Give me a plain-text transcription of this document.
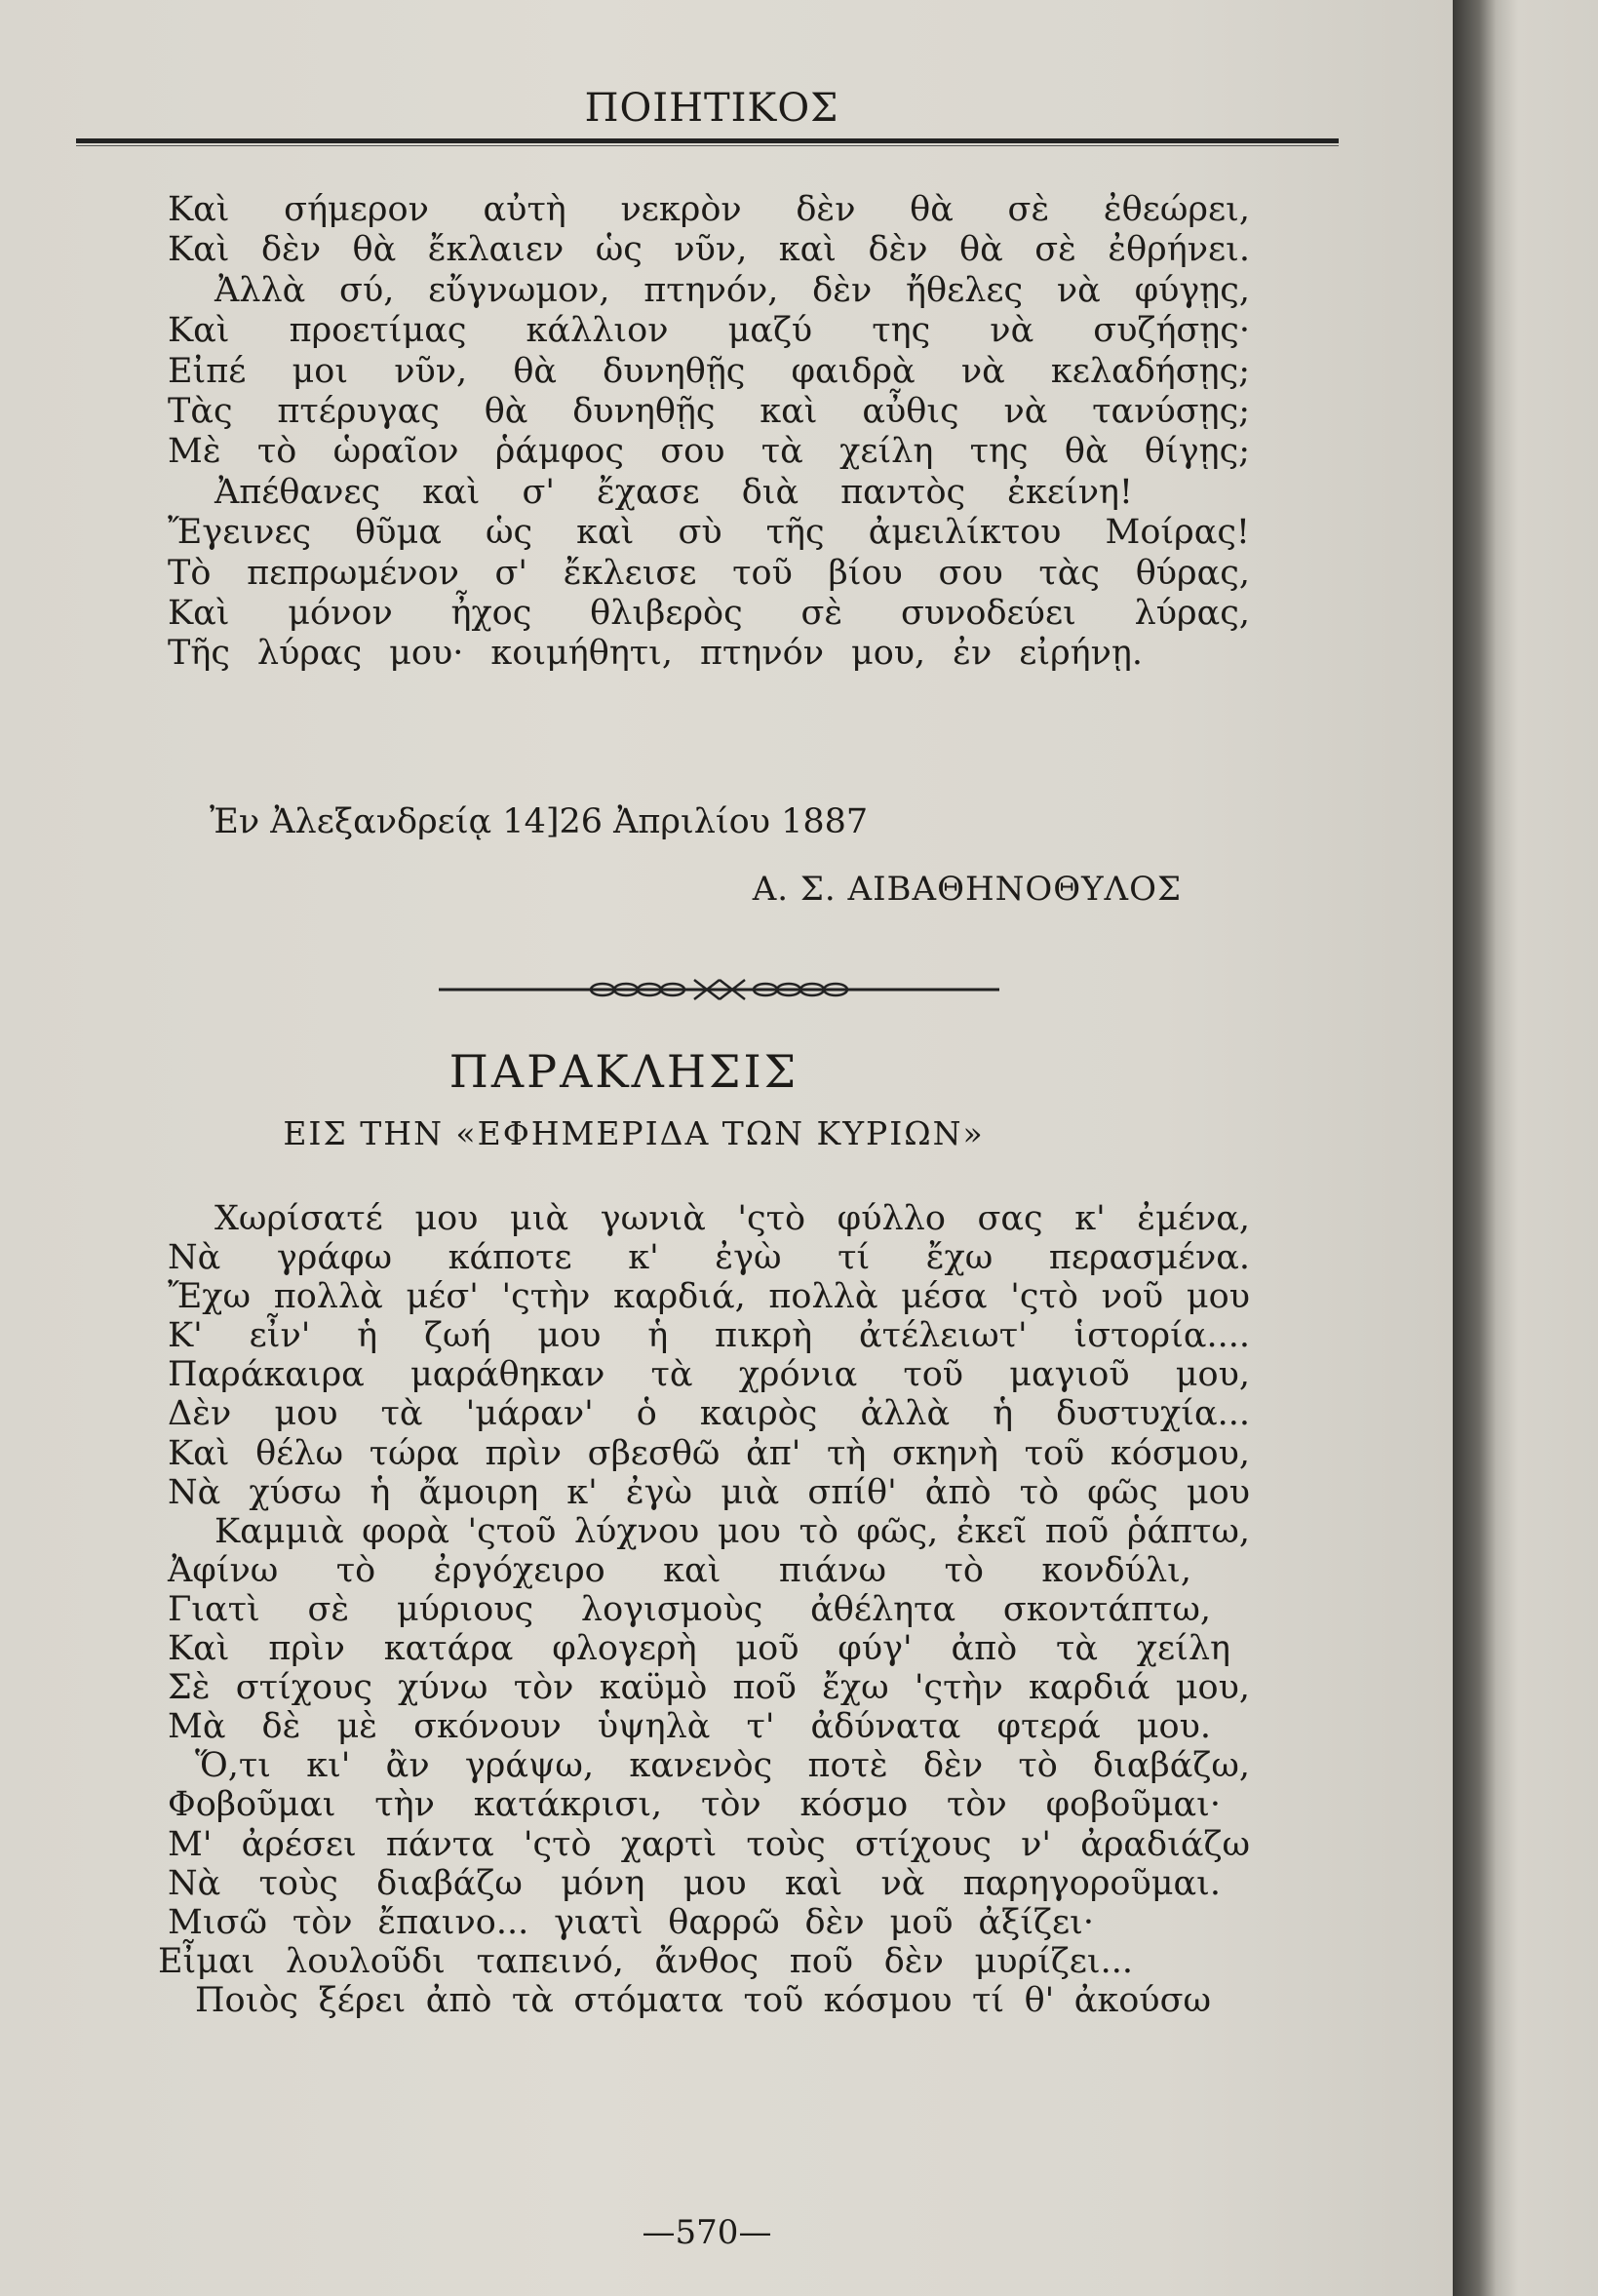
ΠΟΙΗΤΙΚΟΣ
Καὶ σήμερον αὐτὴ νεκρὸν δὲν θὰ σὲ ἐθεώρει,
Καὶ δὲν θὰ ἔκλαιεν ὡς νῦν, καὶ δὲν θὰ σὲ ἐθρήνει.
Ἀλλὰ σύ, εὔγνωμον, πτηνόν, δὲν ἤθελες νὰ φύγῃς,
Καὶ προετίμας κάλλιον μαζύ της νὰ συζήσῃς·
Εἰπέ μοι νῦν, θὰ δυνηθῇς φαιδρὰ νὰ κελαδήσῃς;
Τὰς πτέρυγας θὰ δυνηθῇς καὶ αὖθις νὰ τανύσῃς;
Μὲ τὸ ὡραῖον ῥάμφος σου τὰ χείλη της θὰ θίγῃς;
Ἀπέθανες καὶ σ' ἔχασε διὰ παντὸς ἐκείνη!
Ἔγεινες θῦμα ὡς καὶ σὺ τῆς ἀμειλίκτου Μοίρας!
Τὸ πεπρωμένον σ' ἔκλεισε τοῦ βίου σου τὰς θύρας,
Καὶ μόνον ἦχος θλιβερὸς σὲ συνοδεύει λύρας,
Τῆς λύρας μου· κοιμήθητι, πτηνόν μου, ἐν εἰρήνῃ.
Ἐν Ἀλεξανδρείᾳ 14]26 Ἀπριλίου 1887
Α. Σ. ΑΙΒΑΘΗΝΟΘΥΛΟΣ
ΠΑΡΑΚΛΗΣΙΣ
ΕΙΣ ΤΗΝ «ΕΦΗΜΕΡΙΔΑ ΤΩΝ ΚΥΡΙΩΝ»
Χωρίσατέ μου μιὰ γωνιὰ 'ςτὸ φύλλο σας κ' ἐμένα,
Νὰ γράφω κάποτε κ' ἐγὼ τί ἔχω περασμένα.
Ἔχω πολλὰ μέσ' 'ςτὴν καρδιά, πολλὰ μέσα 'ςτὸ νοῦ μου
Κ' εἶν' ἡ ζωή μου ἡ πικρὴ ἀτέλειωτ' ἱστορία....
Παράκαιρα μαράθηκαν τὰ χρόνια τοῦ μαγιοῦ μου,
Δὲν μου τὰ 'μάραν' ὁ καιρὸς ἀλλὰ ἡ δυστυχία...
Καὶ θέλω τώρα πρὶν σβεσθῶ ἀπ' τὴ σκηνὴ τοῦ κόσμου,
Νὰ χύσω ἡ ἄμοιρη κ' ἐγὼ μιὰ σπίθ' ἀπὸ τὸ φῶς μου
Καμμιὰ φορὰ 'ςτοῦ λύχνου μου τὸ φῶς, ἐκεῖ ποῦ ῥάπτω,
Ἀφίνω τὸ ἐργόχειρο καὶ πιάνω τὸ κονδύλι,
Γιατὶ σὲ μύριους λογισμοὺς ἀθέλητα σκοντάπτω,
Καὶ πρὶν κατάρα φλογερὴ μοῦ φύγ' ἀπὸ τὰ χείλη
Σὲ στίχους χύνω τὸν καϋμὸ ποῦ ἔχω 'ςτὴν καρδιά μου,
Μὰ δὲ μὲ σκόνουν ὑψηλὰ τ' ἀδύνατα φτερά μου.
Ὅ,τι κι' ἂν γράψω, κανενὸς ποτὲ δὲν τὸ διαβάζω,
Φοβοῦμαι τὴν κατάκρισι, τὸν κόσμο τὸν φοβοῦμαι·
Μ' ἀρέσει πάντα 'ςτὸ χαρτὶ τοὺς στίχους ν' ἀραδιάζω
Νὰ τοὺς διαβάζω μόνη μου καὶ νὰ παρηγοροῦμαι.
Μισῶ τὸν ἔπαινο... γιατὶ θαρρῶ δὲν μοῦ ἀξίζει·
Εἶμαι λουλοῦδι ταπεινό, ἄνθος ποῦ δὲν μυρίζει...
Ποιὸς ξέρει ἀπὸ τὰ στόματα τοῦ κόσμου τί θ' ἀκούσω
—570—
